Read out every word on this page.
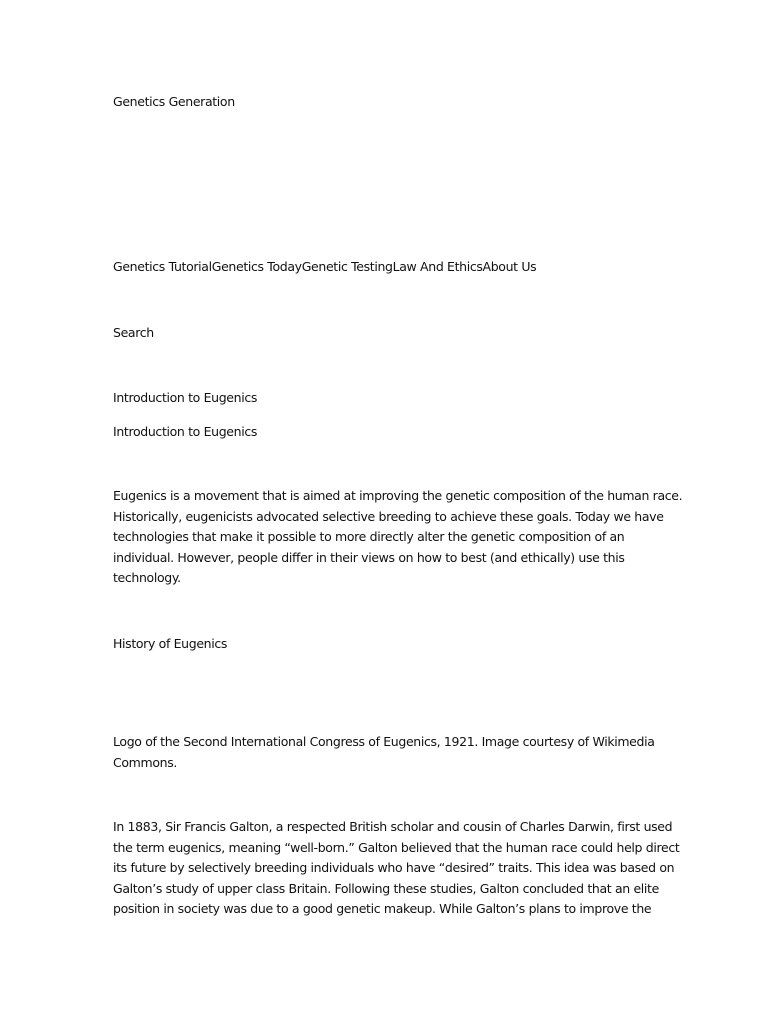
Genetics Generation

Genetics TutorialGenetics TodayGenetic TestingLaw And EthicsAbout Us

Search

Introduction to Eugenics

Introduction to Eugenics

Eugenics is a movement that is aimed at improving the genetic composition of the human race.
Historically, eugenicists advocated selective breeding to achieve these goals. Today we have
technologies that make it possible to more directly alter the genetic composition of an
individual. However, people differ in their views on how to best (and ethically) use this
technology.

History of Eugenics

Logo of the Second International Congress of Eugenics, 1921. Image courtesy of Wikimedia
Commons.
In 1883, Sir Francis Galton, a respected British scholar and cousin of Charles Darwin, first used
the term eugenics, meaning “well-born.” Galton believed that the human race could help direct
its future by selectively breeding individuals who have “desired” traits. This idea was based on
Galton’s study of upper class Britain. Following these studies, Galton concluded that an elite
position in society was due to a good genetic makeup. While Galton’s plans to improve the
